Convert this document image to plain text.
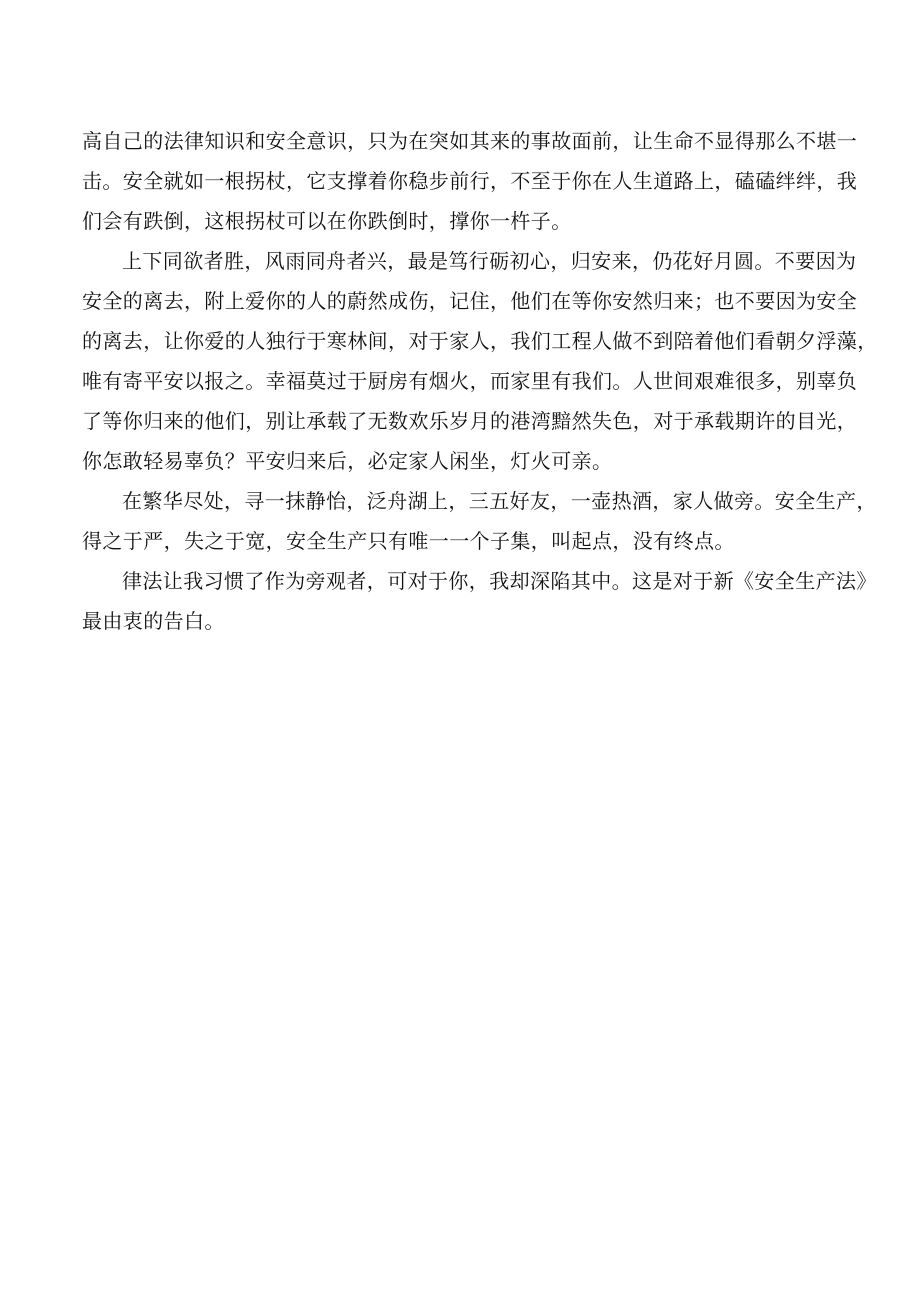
高自己的法律知识和安全意识，只为在突如其来的事故面前，让生命不显得那么不堪一
击。安全就如一根拐杖，它支撑着你稳步前行，不至于你在人生道路上，磕磕绊绊，我
们会有跌倒，这根拐杖可以在你跌倒时，撑你一杵子。

上下同欲者胜，风雨同舟者兴，最是笃行砺初心，归安来，仍花好月圆。不要因为
安全的离去，附上爱你的人的蔚然成伤，记住，他们在等你安然归来；也不要因为安全
的离去，让你爱的人独行于寒林间，对于家人，我们工程人做不到陪着他们看朝夕浮藻，
唯有寄平安以报之。幸福莫过于厨房有烟火，而家里有我们。人世间艰难很多，别辜负
了等你归来的他们，别让承载了无数欢乐岁月的港湾黯然失色，对于承载期许的目光，
你怎敢轻易辜负？平安归来后，必定家人闲坐，灯火可亲。

在繁华尽处，寻一抹静怡，泛舟湖上，三五好友，一壶热酒，家人做旁。安全生产，
得之于严，失之于宽，安全生产只有唯一一个子集，叫起点，没有终点。

律法让我习惯了作为旁观者，可对于你，我却深陷其中。这是对于新《安全生产法》
最由衷的告白。
